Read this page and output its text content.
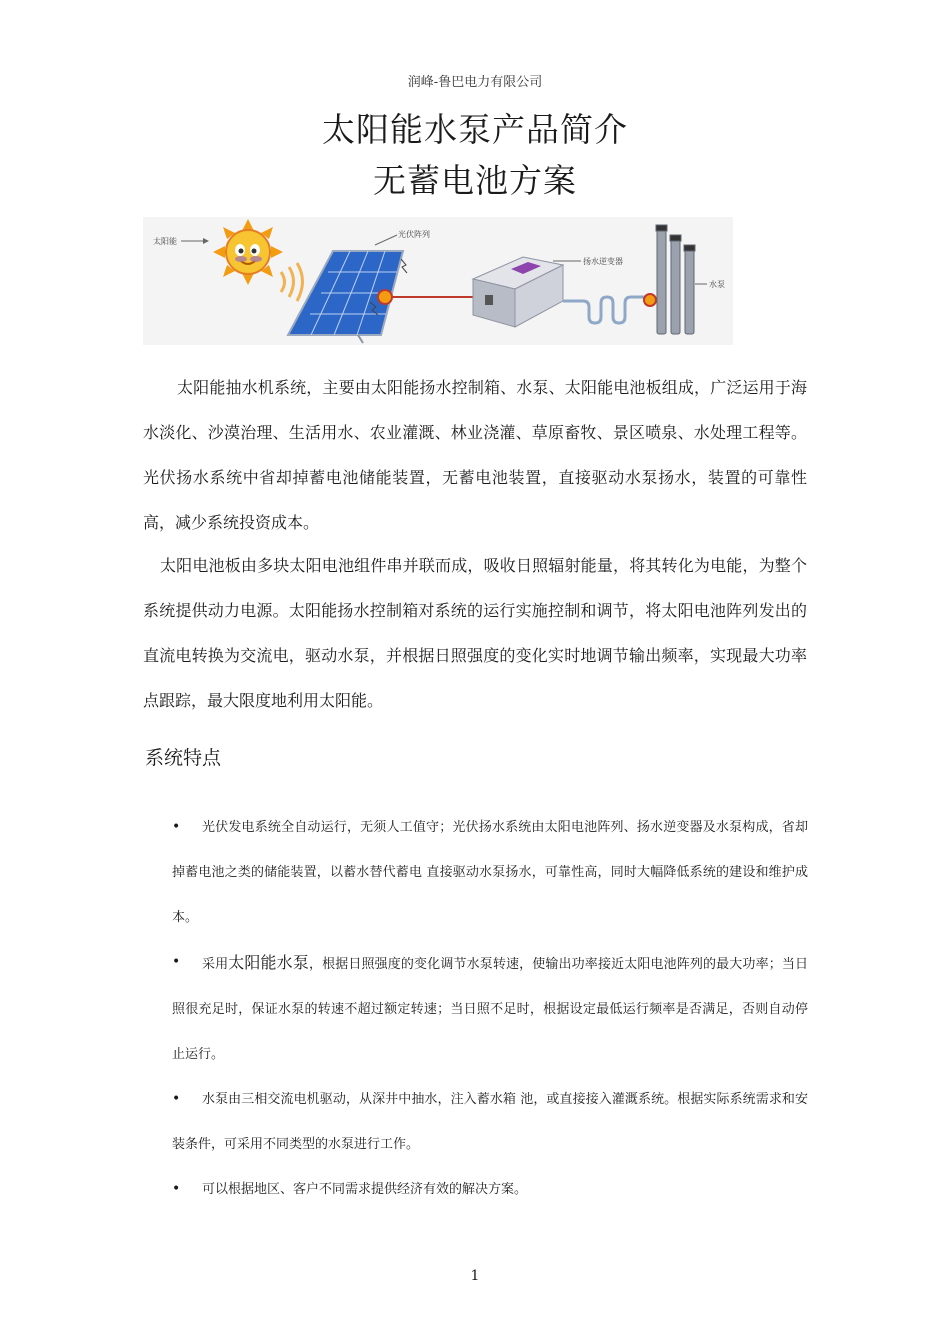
润峰-鲁巴电力有限公司
太阳能水泵产品简介
无蓄电池方案
太阳能
光伏阵列
扬水逆变器
水泵

太阳能抽水机系统，主要由太阳能扬水控制箱、水泵、太阳能电池板组成，广泛运用于海水淡化、沙漠治理、生活用水、农业灌溉、林业浇灌、草原畜牧、景区喷泉、水处理工程等。光伏扬水系统中省却掉蓄电池储能装置，无蓄电池装置，直接驱动水泵扬水，装置的可靠性高，减少系统投资成本。

太阳电池板由多块太阳电池组件串并联而成，吸收日照辐射能量，将其转化为电能，为整个系统提供动力电源。太阳能扬水控制箱对系统的运行实施控制和调节，将太阳电池阵列发出的直流电转换为交流电，驱动水泵，并根据日照强度的变化实时地调节输出频率，实现最大功率点跟踪，最大限度地利用太阳能。

系统特点
•	光伏发电系统全自动运行，无须人工值守；光伏扬水系统由太阳电池阵列、扬水逆变器及水泵构成，省却掉蓄电池之类的储能装置，以蓄水替代蓄电 直接驱动水泵扬水，可靠性高，同时大幅降低系统的建设和维护成本。
•	采用太阳能水泵，根据日照强度的变化调节水泵转速，使输出功率接近太阳电池阵列的最大功率；当日照很充足时，保证水泵的转速不超过额定转速；当日照不足时，根据设定最低运行频率是否满足，否则自动停止运行。
•	水泵由三相交流电机驱动，从深井中抽水，注入蓄水箱 池，或直接接入灌溉系统。根据实际系统需求和安装条件，可采用不同类型的水泵进行工作。
•	可以根据地区、客户不同需求提供经济有效的解决方案。
1
